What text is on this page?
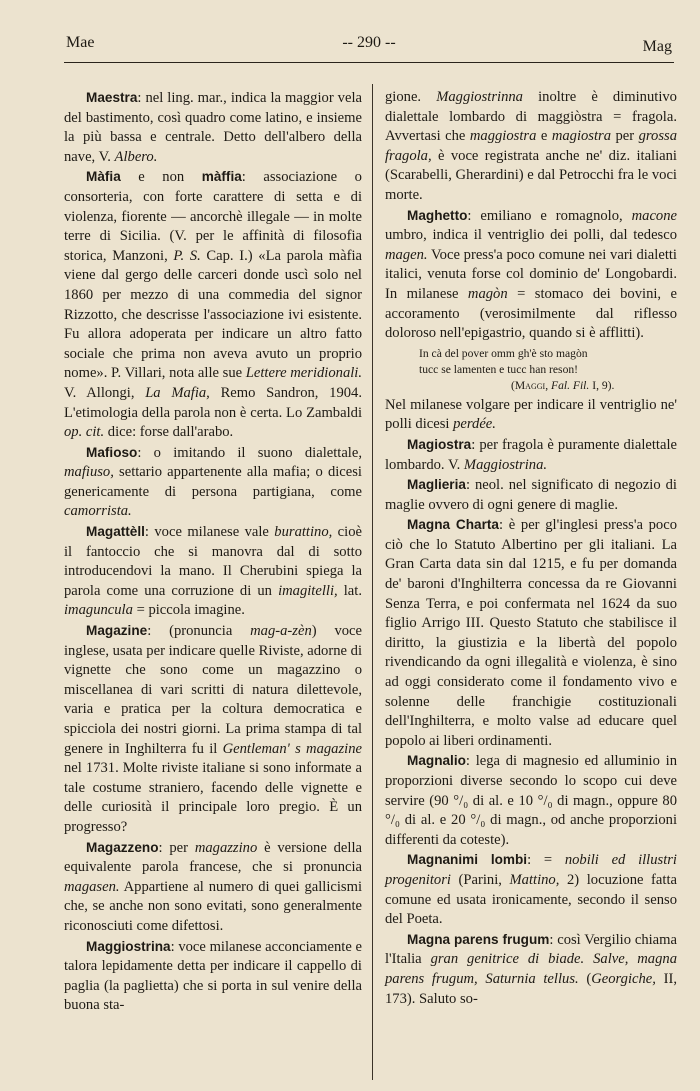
Mae	-- 290 --	Mag

Maestra: nel ling. mar., indica la maggior vela del bastimento, così quadro come latino, e insieme la più bassa e centrale. Detto dell'albero della nave, V. Albero.

Màfia e non màffia: associazione o consorteria, con forte carattere di setta e di violenza, fiorente — ancorchè illegale — in molte terre di Sicilia. (V. per le affinità di filosofia storica, Manzoni, P. S. Cap. I.) «La parola màfia viene dal gergo delle carceri donde uscì solo nel 1860 per mezzo di una commedia del signor Rizzotto, che descrisse l'associazione ivi esistente. Fu allora adoperata per indicare un altro fatto sociale che prima non aveva avuto un proprio nome». P. Villari, nota alle sue Lettere meridionali. V. Allongi, La Mafia, Remo Sandron, 1904. L'etimologia della parola non è certa. Lo Zambaldi op. cit. dice: forse dall'arabo.

Mafioso: o imitando il suono dialettale, mafiuso, settario appartenente alla mafia; o dicesi genericamente di persona partigiana, come camorrista.

Magattèll: voce milanese vale burattino, cioè il fantoccio che si manovra dal di sotto introducendovi la mano. Il Cherubini spiega la parola come una corruzione di un imagitelli, lat. imaguncula = piccola imagine.

Magazine: (pronuncia mag-a-zèn) voce inglese, usata per indicare quelle Riviste, adorne di vignette che sono come un magazzino o miscellanea di vari scritti di natura dilettevole, varia e pratica per la coltura democratica e spicciola dei nostri giorni. La prima stampa di tal genere in Inghilterra fu il Gentleman' s magazine nel 1731. Molte riviste italiane si sono informate a tale costume straniero, facendo delle vignette e delle curiosità il principale loro pregio. È un progresso?

Magazzeno: per magazzino è versione della equivalente parola francese, che si pronuncia magasen. Appartiene al numero di quei gallicismi che, se anche non sono evitati, sono generalmente riconosciuti come difettosi.

Maggiostrina: voce milanese acconciamente e talora lepidamente detta per indicare il cappello di paglia (la paglietta) che si porta in sul venire della buona sta-

gione. Maggiostrinna inoltre è diminutivo dialettale lombardo di maggiòstra = fragola. Avvertasi che maggiostra e magiostra per grossa fragola, è voce registrata anche ne' diz. italiani (Scarabelli, Gherardini) e dal Petrocchi fra le voci morte.

Maghetto: emiliano e romagnolo, macone umbro, indica il ventriglio dei polli, dal tedesco magen. Voce press'a poco comune nei vari dialetti italici, venuta forse col dominio de' Longobardi. In milanese magòn = stomaco dei bovini, e accoramento (verosimilmente dal riflesso doloroso nell'epigastrio, quando si è afflitti).

In cà del pover omm gh'è sto magòn
tucc se lamenten e tucc han reson!
(Maggi, Fal. Fil. I, 9).

Nel milanese volgare per indicare il ventriglio ne' polli dicesi perdée.

Magiostra: per fragola è puramente dialettale lombardo. V. Maggiostrina.

Maglieria: neol. nel significato di negozio di maglie ovvero di ogni genere di maglie.

Magna Charta: è per gl'inglesi press'a poco ciò che lo Statuto Albertino per gli italiani. La Gran Carta data sin dal 1215, e fu per domanda de' baroni d'Inghilterra concessa da re Giovanni Senza Terra, e poi confermata nel 1624 da suo figlio Arrigo III. Questo Statuto che stabilisce il diritto, la giustizia e la libertà del popolo rivendicando da ogni illegalità e violenza, è sino ad oggi considerato come il fondamento vivo e solenne delle franchigie costituzionali dell'Inghilterra, e molto valse ad educare quel popolo ai liberi ordinamenti.

Magnalio: lega di magnesio ed alluminio in proporzioni diverse secondo lo scopo cui deve servire (90 °/₀ di al. e 10 °/₀ di magn., oppure 80 °/₀ di al. e 20 °/₀ di magn., od anche proporzioni differenti da coteste).

Magnanimi lombi: = nobili ed illustri progenitori (Parini, Mattino, 2) locuzione fatta comune ed usata ironicamente, secondo il senso del Poeta.

Magna parens frugum: così Vergilio chiama l'Italia gran genitrice di biade. Salve, magna parens frugum, Saturnia tellus. (Georgiche, II, 173). Saluto so-
